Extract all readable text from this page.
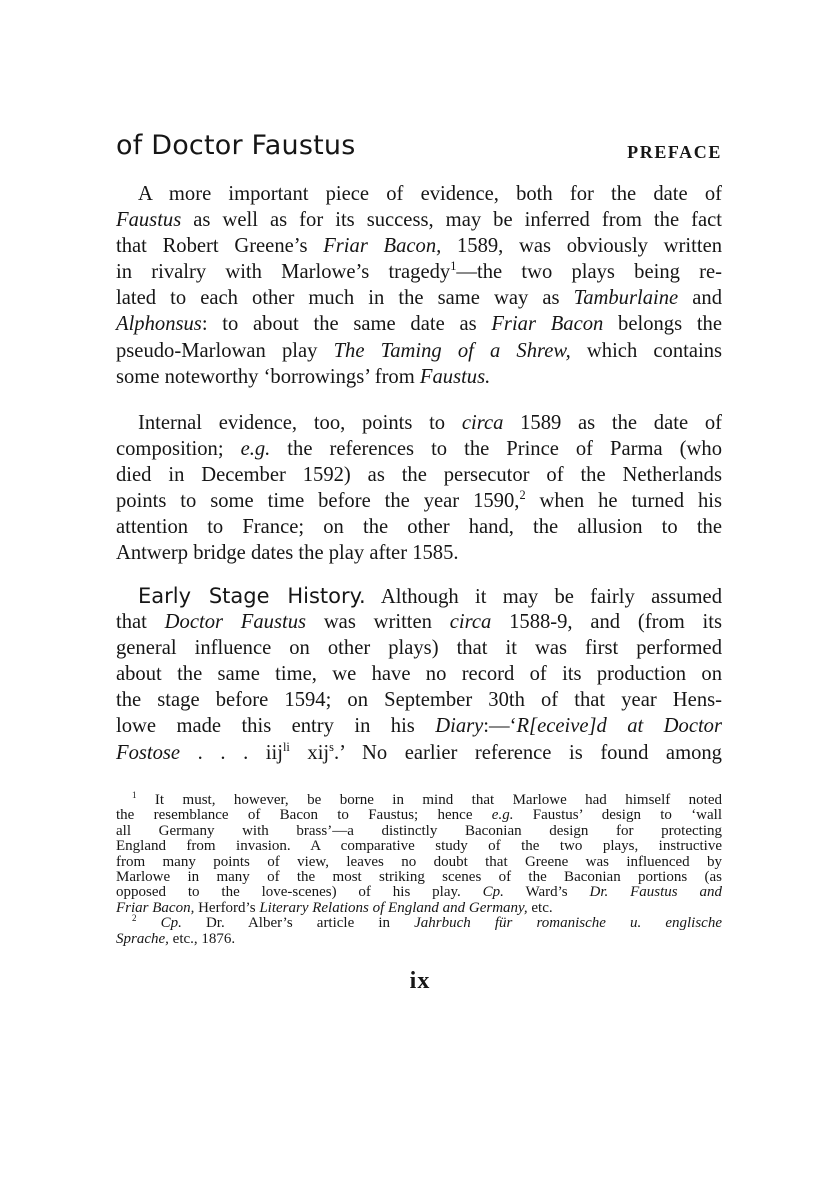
of Doctor Faustus	PREFACE
A more important piece of evidence, both for the date of
Faustus as well as for its success, may be inferred from the fact
that Robert Greene’s Friar Bacon, 1589, was obviously written
in rivalry with Marlowe’s tragedy$^1$—the two plays being re-
lated to each other much in the same way as Tamburlaine and
Alphonsus: to about the same date as Friar Bacon belongs the
pseudo-Marlowan play The Taming of a Shrew, which contains
some noteworthy ‘borrowings’ from Faustus.
Internal evidence, too, points to circa 1589 as the date of
composition; e.g. the references to the Prince of Parma (who
died in December 1592) as the persecutor of the Netherlands
points to some time before the year 1590,$^2$ when he turned his
attention to France; on the other hand, the allusion to the
Antwerp bridge dates the play after 1585.
Early Stage History. Although it may be fairly assumed
that Doctor Faustus was written circa 1588-9, and (from its
general influence on other plays) that it was first performed
about the same time, we have no record of its production on
the stage before 1594; on September 30th of that year Hens-
lowe made this entry in his Diary:—‘R[eceive]d at Doctor
Fostose . . . iij$^{li}$ xij$^s$.’ No earlier reference is found among
$^1$ It must, however, be borne in mind that Marlowe had himself noted
the resemblance of Bacon to Faustus; hence e.g. Faustus’ design to ‘wall
all Germany with brass’—a distinctly Baconian design for protecting
England from invasion. A comparative study of the two plays, instructive
from many points of view, leaves no doubt that Greene was influenced by
Marlowe in many of the most striking scenes of the Baconian portions (as
opposed to the love-scenes) of his play. Cp. Ward’s Dr. Faustus and
Friar Bacon, Herford’s Literary Relations of England and Germany, etc.
$^2$ Cp. Dr. Alber’s article in Jahrbuch für romanische u. englische
Sprache, etc., 1876.
ix
